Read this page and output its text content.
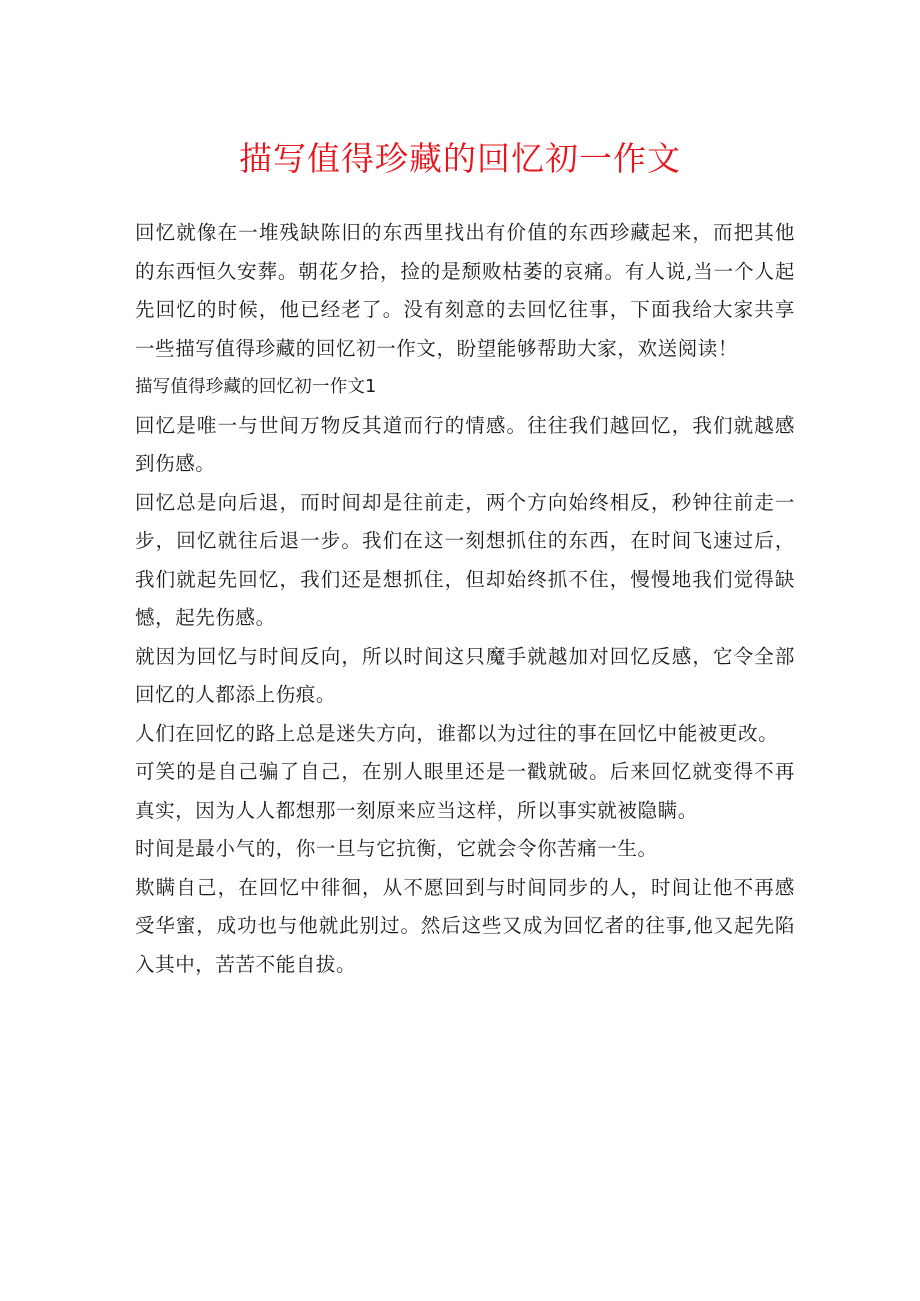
描写值得珍藏的回忆初一作文

回忆就像在一堆残缺陈旧的东西里找出有价值的东西珍藏起来，而把其他的东西恒久安葬。朝花夕拾，捡的是颓败枯萎的哀痛。有人说,当一个人起先回忆的时候，他已经老了。没有刻意的去回忆往事，下面我给大家共享一些描写值得珍藏的回忆初一作文，盼望能够帮助大家，欢送阅读！

描写值得珍藏的回忆初一作文1

回忆是唯一与世间万物反其道而行的情感。往往我们越回忆，我们就越感到伤感。

回忆总是向后退，而时间却是往前走，两个方向始终相反，秒钟往前走一步，回忆就往后退一步。我们在这一刻想抓住的东西，在时间飞速过后，我们就起先回忆，我们还是想抓住，但却始终抓不住，慢慢地我们觉得缺憾，起先伤感。

就因为回忆与时间反向，所以时间这只魔手就越加对回忆反感，它令全部回忆的人都添上伤痕。

人们在回忆的路上总是迷失方向，谁都以为过往的事在回忆中能被更改。

可笑的是自己骗了自己，在别人眼里还是一戳就破。后来回忆就变得不再真实，因为人人都想那一刻原来应当这样，所以事实就被隐瞒。

时间是最小气的，你一旦与它抗衡，它就会令你苦痛一生。

欺瞒自己，在回忆中徘徊，从不愿回到与时间同步的人，时间让他不再感受华蜜，成功也与他就此别过。然后这些又成为回忆者的往事,他又起先陷入其中，苦苦不能自拔。
